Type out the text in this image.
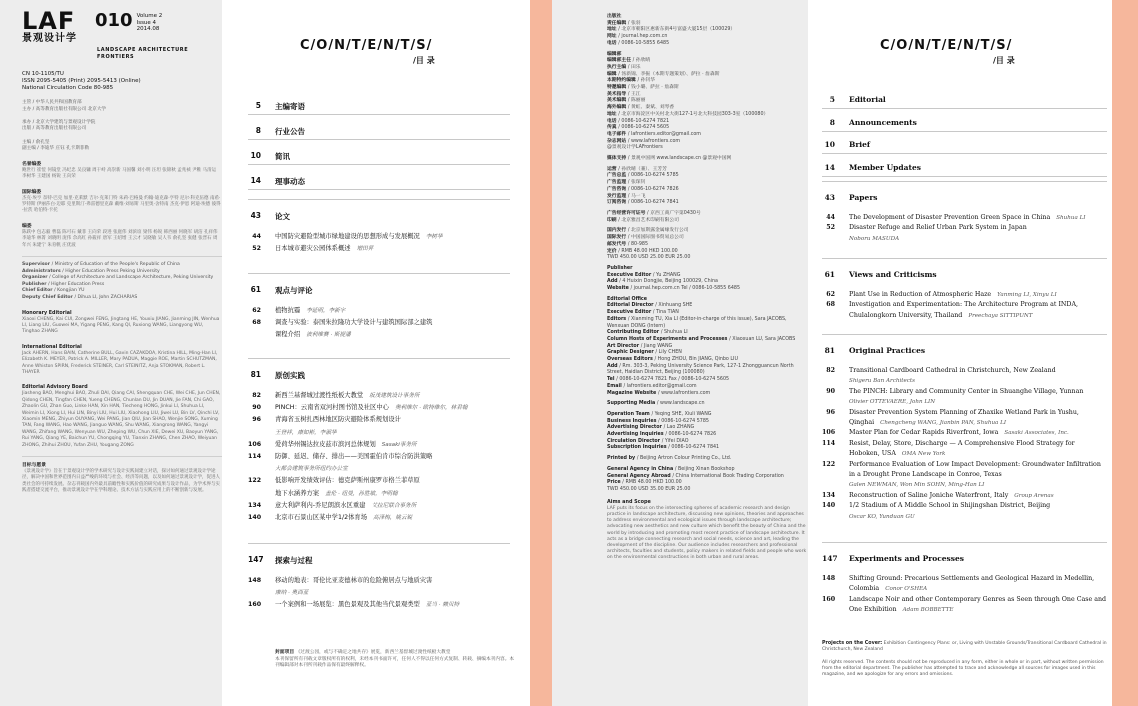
LAF
景观设计学
010 Volume 2
Issue 4
2014.08
LANDSCAPE ARCHITECTURE FRONTIERS
CN 10-1105/TU
ISSN 2095-5405 (Print) 2095-5413 (Online)
National Circulation Code 80-985
主管 / 中华人民共和国教育部
主办 / 高等教育出版社有限公司 北京大学

承办 / 北京大学建筑与景观设计学院
出版 / 高等教育出版社有限公司

主编 / 俞孔坚
副主编 / 李迪华 庄钰 孔卡斯菲勒
名誉编委
鲍世行 崔愷 何镜堂 冯纪忠 吴良镛 周干峙 高崇新 马国馨 刘小明 汪坦 张锦秋 孟兆祯 尹稚 马清运 李树华 王建国 杨锐 王向荣
国际编委
杰克·埃亨 奈特·巴克 加里·克莱默 吉尔·克莱门特 朱莉·巴格曼 约翰·迪克森·亨特 尼尔·科克伍德 南希·罗特斯 伊丽莎白·迈耶 克里斯汀·弗雷德里克森 戴维·刘易斯 马里奥·舍特南 杰克·伊恩 阿迪·埃德 彼得·拉茨 哈伯特·卡托
编委
陈跃中 包志毅 曹磊 陈可石 戴菲 王向荣 段进 张庭伟 刘滨谊 梁伟 杨锐 韩西丽 何晓军 胡洁 孔祥伟 李迪华 林箐 刘晓明 庞伟 佘高红 孙筱祥 唐军 王绍增 王云才 吴晓敏 吴人韦 俞孔坚 张健 张晋石 周年兴 朱建宁 朱育帆 庄优波
Supervisor / Ministry of Education of the People's Republic of China
Administrators / Higher Education Press Peking University
Organizer / College of Architecture and Landscape Architecture, Peking University
Publisher / Higher Education Press
Chief Editor / Kongjian YU
Deputy Chief Editor / Dihua LI, John ZACHARIAS
Honorary Editorial
Xiaoxi CHENG, Kai CUI, Zongwei FENG, Jingtang HE, Youxiu JIANG, Jianming JIN, Wenhua LI, Liang LIU, Guowei MA, Yigang PENG, Kang QI, Ruxiong WANG, Liangyong WU, Tinghao ZHANG
International Editorial
Jack AHERN, Hans BAIN, Catherine BULL, Gavin CAZAKDOA, Kristina HILL, Ming-Han LI, Elizabeth K. MEYER, Patrick A. MILLER, Mary PADUA, Maggie ROE, Martin SCHUTZMAN, Anne Whiston SPIRN, Frederick STEINER, Carl STEINITZ, Anja STOKMAN, Robert L. THAYER
Editorial Advisory Board
Jiasheng BAO, Menghui BAO, Zhuli DAI, Qiang CAI, Shengquan CHE, Wei CHE, Jun CHEN, Qidong CHEN, Tingfan CHEN, Yueng CHENG, Chunlan DU, Jin DUAN, Jie FAN, Chi GAO, Zhaolin GU, Zhan Guo, Linke HAN, Xin HAN, Tiecheng HONG, Jinkui LI, Shuhua LI, Weimin LI, Xiong LI, Hui LIN, Binyi LIU, Hui LIU, Xiaohong LIU, Jiwei LU, Bin LV, Qinchi LV, Xiaomin MENG, Zhiyun OUYANG, Wei PANG, Jian QIU, Jian SHAO, Wenjie SONG, Xuming TAN, Fang WANG, Hao WANG, Jianguo WANG, Shu WANG, Xiangrong WANG, Yangyi WANG, Zhifang WANG, Wenyuan WU, Zheping WU, Chun XIE, Dewei XU, Baoyun YANG, Rui YANG, Qiang YE, Baichun YU, Chongqing YU, Tianxin ZHANG, Chen ZHAO, Weiyuan ZHONG, Zhihui ZHOU, Yufan ZHU, Yougang ZONG
目标与愿景
《景观设计学》旨在于景观设计学的学术研究与设计实践间建立对话，探讨如何通过景观设计学途径，解决中国和世界范围内日益严峻的环境与社会、经济等问题，以及如何通过景观设计学，促进人类社会的可持续发展。杂志刊载国内外最具前瞻性和实践价值的研究成果与设计作品，为学术界与实践者搭建交流平台，推动景观设计学在学科理论、技术方法与实践应用上的不断创新与发展。
C/O/N/T/E/N/T/S/
/目 录
5	主编寄语
8	行业公告
10	简讯
14	理事动态
43	论文
44	中国防灾避险型城市绿地建设的思想形成与发展概况 李树华
52	日本城市避灾公园体系概述 增田昇
61	观点与评论
62	植物抗霾 李延明，李新宇
68	调查与实验：泰国朱拉隆功大学设计与建筑国际部之建筑
课程介绍 波利维赛 · 斯提潘
81	原创实践
82	新西兰基督城过渡性纸板大教堂 坂茂建筑设计事务所
90	PINCH：云南省双河村图书馆及社区中心 奥利维尔 · 欧特维尔，林君翰
96	青海省玉树扎西林地区防灾避险体系规划设计
王登祥，康如彬，李淑华
106	爱荷华州锡达拉皮兹市滨河总体规划 Sasaki事务所
114	防御、延迟、储存、排出——美国霍伯肯市综合防洪策略
大都会建筑事务所纽约办公室
122	低影响开发绩效评估：德克萨斯州康罗市格兰菲草原
地下水涵养方案 盖伦 · 纽曼，孙胜敏，李明翰
134	意大利萨利内-乔尼朗滨水区重建 艾拉尼联合事务所
140	北京市石景山区某中学1/2体育场 高泽梅，姚云锐
147	探索与过程
148	移动的地表：哥伦比亚麦德林市的危险俯居点与地质灾害
康纳 · 奥西亚
160	一个案例和一场展览：黑色景观及其他当代景观类型 亚当 · 赖贝特
封面项目 《过渡公园，或与不确定之地共存》展览，新西兰基督城过渡性纸板大教堂
本刊保留所有刊载文章版权所有的权利，未经本刊书面许可，任何人不得以任何方式复制、转载、摘编本刊内容。本刊编辑部对本刊所刊载作品保有最终解释权。
出版社
责任编辑 / 张羽
地址 / 北京市朝阳区惠新东街4号富盛大厦15层（100029）
网址 / journal.hep.com.cn
电话 / 0086-10-5855 6485
编辑部
编辑部主任 / 孙欣晴
执行主编 / 田乐
编辑 / 汤新锦、李振（本期专题策划）、萨拉 · 詹森斯
本期特约编辑 / 孙钊华
特邀编辑 / 钱小璐、萨拉 · 詹森斯
美术指导 / 王江
美术编辑 / 陈丽丽
海外编辑 / 黄虹、秦斌、刘琴香
地址 / 北京市海淀区中关村北大街127-1号北大科技园303-3室（100080）
电话 / 0086-10-6274 7821
传真 / 0086-10-6274 5605
电子邮件 / lafrontiers.editor@gmail.com
杂志网站 / www.lafrontiers.com
@景观设计学LAFrontiers
媒体支持 / 景观中国网 www.landscape.cn @景观中国网
运营 / 孙欣晴（兼）、王芳芳
广告总监 / 0086-10-6274 5785
广告监理 / 张琛钊
广告咨询 / 0086-10-6274 7826
发行监理 / 马一飞
订阅咨询 / 0086-10-6274 7841
广告经营许可证号 / 京西工商广字第0430号
印刷 / 北京雅昌艺术印刷有限公司
国内发行 / 北京加斯露金属缘发行公司
国际发行 / 中国国际图书贸易总公司
邮发代号 / 80-985
定价 / RMB 48.00 HKD 100.00
TWD 450.00 USD 25.00 EUR 25.00
Publisher
Executive Editor / Yu ZHANG
Add / 4 Huixin Dongjie, Beijing 100029, China
Website / journal.hep.com.cn Tel / 0086-10-5855 6485
Editorial Office
Editorial Director / Xinhuang SHE
Executive Editor / Tina TIAN
Editors / Xianming TU, Xia LI (Editor-in-charge of this issue), Sara JACOBS, Wenxuan DONG (Intern)
Contributing Editor / Shuhua LI
Column Hosts of Experiments and Processes / Xiaoxuan LU, Sara JACOBS
Art Director / Jiang WANG
Graphic Designer / Lily CHEN
Overseas Editors / Hong ZHOU, Bin JIANG, Qinbo LIU
Add / Rm. 303-3, Peking University Science Park, 127-1 Zhongguancun North Street, Haidian District, Beijing (100080)
Tel / 0086-10-6274 7821 Fax / 0086-10-6274 5605
Email / lafrontiers.editor@gmail.com
Magazine Website / www.lafrontiers.com
Supporting Media / www.landscape.cn
Operation Team / Yeqing SHE, Xiuli WANG
Business Inquiries / 0086-10-6274 5785
Advertising Director / Lao ZHANG
Advertising Inquiries / 0086-10-6274 7826
Circulation Director / Yifei DIAO
Subscription Inquiries / 0086-10-6274 7841
Printed by / Beijing Artron Colour Printing Co., Ltd.
General Agency in China / Beijing Xinan Bookshop
General Agency Abroad / China International Book Trading Corporation
Price / RMB 48.00 HKD 100.00
TWD 450.00 USD 35.00 EUR 25.00
Aims and Scope
LAF puts its focus on the intersecting spheres of academic research and design practice in landscape architecture, discussing new opinions, theories and approaches to address environmental and ecological issues through landscape architecture; advocating new aesthetics and new culture which benefit the beauty of China and the world by introducing and promoting most recent practice of landscape architecture. It acts as a bridge connecting research and social needs, science and art, leading the development of the discipline. Our audience includes researchers and professional architects, faculties and students, policy makers in related fields and people who work on the environmental constructions in both urban and rural areas.
C/O/N/T/E/N/T/S/
/目 录
5	Editorial
8	Announcements
10	Brief
14	Member Updates
43	Papers
44	The Development of Disaster Prevention Green Space in China Shuhua LI
52	Disaster Refuge and Relief Urban Park System in Japan
Noboru MASUDA
61	Views and Criticisms
62	Plant Use in Reduction of Atmospheric Haze Yanming LI, Xinyu LI
68	Investigation and Experimentation: The Architecture Program at INDA,
Chulalongkorn University, Thailand Preechaya SITTIPUNT
81	Original Practices
82	Transitional Cardboard Cathedral in Christchurch, New Zealand
Shigeru Ban Architects
90	The PINCH: Library and Community Center in Shuanghe Village, Yunnan
Olivier OTTEVAERE, John LIN
96	Disaster Prevention System Planning of Zhaxike Wetland Park in Yushu,
Qinghai Chengcheng WANG, Jianbin PAN, Shuhua LI
106	Master Plan for Cedar Rapids Riverfront, Iowa Sasaki Associates, Inc.
114	Resist, Delay, Store, Discharge — A Comprehensive Flood Strategy for
Hoboken, USA OMA New York
122	Performance Evaluation of Low Impact Development: Groundwater Infiltration
in a Drought Prone Landscape in Conroe, Texas
Galen NEWMAN, Won Min SOHN, Ming-Han LI
134	Reconstruction of Saline Joniche Waterfront, Italy Group Arenas
140	1/2 Stadium of A Middle School in Shijingshan District, Beijing
Oscar KO, Yunduan GU
147	Experiments and Processes
148	Shifting Ground: Precarious Settlements and Geological Hazard in Medellin,
Colombia Conor O'SHEA
160	Landscape Noir and other Contemporary Genres as Seen through One Case and
One Exhibition Adam BOBBETTE
Projects on the Cover: Exhibition Contingency Plans: or, Living with Unstable Grounds/Transitional Cardboard Cathedral in Christchurch, New Zealand

All rights reserved. The contents should not be reproduced in any form, either in whole or in part, without written permission from the editorial department. The publisher has attempted to trace and acknowledge all sources for images used in this magazine, and we apologize for any errors and omissions.
